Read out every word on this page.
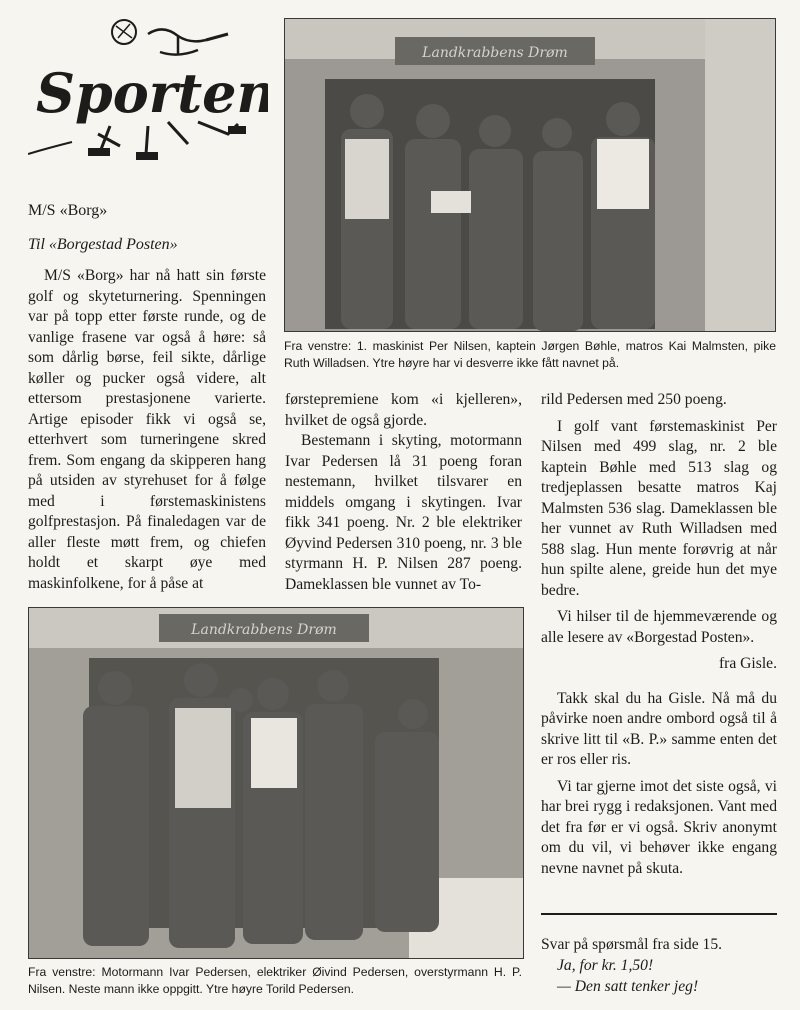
Sporten
Landkrabbens Drøm
Fra venstre: 1. maskinist Per Nilsen, kaptein Jørgen Bøhle, matros Kai Malmsten, pike Ruth Willadsen. Ytre høyre har vi desverre ikke fått navnet på.
M/S «Borg»
Til «Borgestad Posten»

M/S «Borg» har nå hatt sin første golf og skyteturnering. Spenningen var på topp etter første runde, og de vanlige frasene var også å høre: så som dårlig børse, feil sikte, dårlige køller og pucker også videre, alt ettersom prestasjonene varierte. Artige episoder fikk vi også se, etterhvert som turneringene skred frem. Som engang da skipperen hang på utsiden av styrehuset for å følge med i førstemaskinistens golfprestasjon. På finaledagen var de aller fleste møtt frem, og chiefen holdt et skarpt øye med maskinfolkene, for å påse at

førstepremiene kom «i kjelleren», hvilket de også gjorde.

Bestemann i skyting, motormann Ivar Pedersen lå 31 poeng foran nestemann, hvilket tilsvarer en middels omgang i skytingen. Ivar fikk 341 poeng. Nr. 2 ble elektriker Øyvind Pedersen 310 poeng, nr. 3 ble styrmann H. P. Nilsen 287 poeng. Dameklassen ble vunnet av To-

rild Pedersen med 250 poeng.

I golf vant førstemaskinist Per Nilsen med 499 slag, nr. 2 ble kaptein Bøhle med 513 slag og tredjeplassen besatte matros Kaj Malmsten 536 slag. Dameklassen ble her vunnet av Ruth Willadsen med 588 slag. Hun mente forøvrig at når hun spilte alene, greide hun det mye bedre.

Vi hilser til de hjemmeværende og alle lesere av «Borgestad Posten».

fra Gisle.

Takk skal du ha Gisle. Nå må du påvirke noen andre ombord også til å skrive litt til «B. P.» samme enten det er ros eller ris.

Vi tar gjerne imot det siste også, vi har brei rygg i redaksjonen. Vant med det fra før er vi også. Skriv anonymt om du vil, vi behøver ikke engang nevne navnet på skuta.

Landkrabbens Drøm
Fra venstre: Motormann Ivar Pedersen, elektriker Øivind Pedersen, overstyrmann H. P. Nilsen. Neste mann ikke oppgitt. Ytre høyre Torild Pedersen.
Svar på spørsmål fra side 15.
Ja, for kr. 1,50!
— Den satt tenker jeg!
